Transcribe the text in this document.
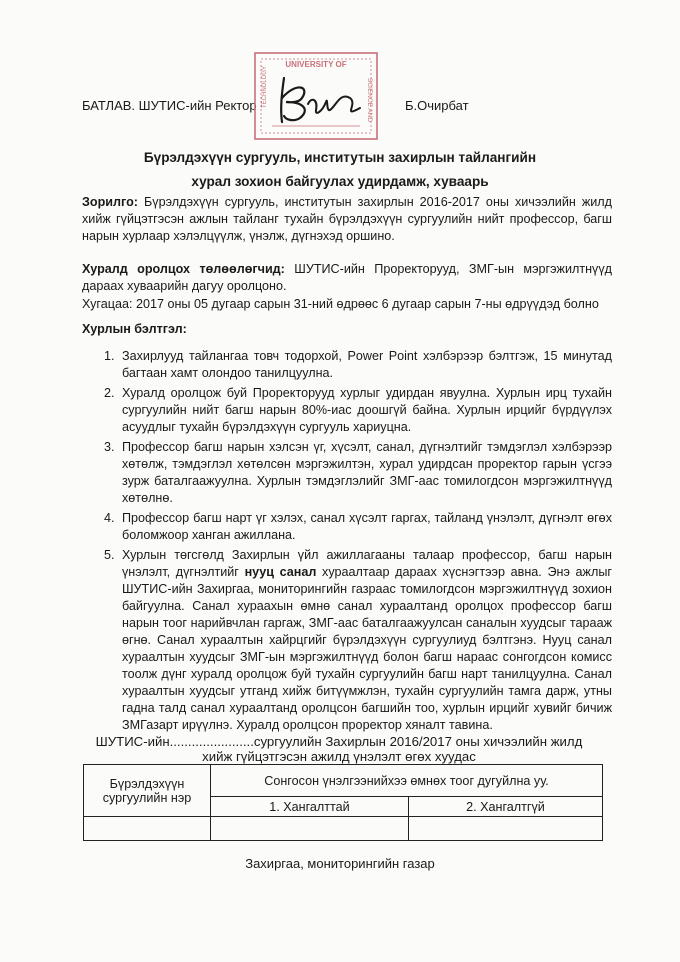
БАТЛАВ. ШУТИС-ийн Ректор
UNIVERSITY OF
SCIENCE AND
TECHNOLOGY	Б.Очирбат
Бүрэлдэхүүн сургууль, институтын захирлын тайлангийн
хурал зохион байгуулах удирдамж, хуваарь
Зорилго: Бүрэлдэхүүн сургууль, институтын захирлын 2016-2017 оны хичээлийн жилд хийж гүйцэтгэсэн ажлын тайланг тухайн бүрэлдэхүүн сургуулийн нийт профессор, багш нарын хурлаар хэлэлцүүлж, үнэлж, дүгнэхэд оршино.
Хуралд оролцох төлөөлөгчид: ШУТИС-ийн Проректорууд, ЗМГ-ын мэргэжилтнүүд дараах хуваарийн дагуу оролцоно.
Хугацаа: 2017 оны 05 дугаар сарын 31-ний өдрөөс 6 дугаар сарын 7-ны өдрүүдэд болно
Хурлын бэлтгэл:
1. Захирлууд тайлангаа товч тодорхой, Power Point хэлбэрээр бэлтгэж, 15 минутад багтаан хамт олондоо танилцуулна.
2. Хуралд оролцож буй Проректорууд хурлыг удирдан явуулна. Хурлын ирц тухайн сургуулийн нийт багш нарын 80%-иас доошгүй байна. Хурлын ирцийг бүрдүүлэх асуудлыг тухайн бүрэлдэхүүн сургууль хариуцна.
3. Профессор багш нарын хэлсэн үг, хүсэлт, санал, дүгнэлтийг тэмдэглэл хэлбэрээр хөтөлж, тэмдэглэл хөтөлсөн мэргэжилтэн, хурал удирдсан проректор гарын үсгээ зурж баталгаажуулна. Хурлын тэмдэглэлийг ЗМГ-аас томилогдсон мэргэжилтнүүд хөтөлнө.
4. Профессор багш нарт үг хэлэх, санал хүсэлт гаргах, тайланд үнэлэлт, дүгнэлт өгөх боломжоор ханган ажиллана.
5. Хурлын төгсгөлд Захирлын үйл ажиллагааны талаар профессор, багш нарын үнэлэлт, дүгнэлтийг нууц санал хураалтаар дараах хүснэгтээр авна. Энэ ажлыг ШУТИС-ийн Захиргаа, мониторингийн газраас томилогдсон мэргэжилтнүүд зохион байгуулна. Санал хураахын өмнө санал хураалтанд оролцох профессор багш нарын тоог нарийвчлан гаргаж, ЗМГ-аас баталгаажуулсан саналын хуудсыг тарааж өгнө. Санал хураалтын хайрцгийг бүрэлдэхүүн сургуулиуд бэлтгэнэ. Нууц санал хураалтын хуудсыг ЗМГ-ын мэргэжилтнүүд болон багш нараас сонгогдсон комисс тоолж дүнг хуралд оролцож буй тухайн сургуулийн багш нарт танилцуулна. Санал хураалтын хуудсыг утганд хийж битүүмжлэн, тухайн сургуулийн тамга дарж, утны гадна талд санал хураалтанд оролцсон багшийн тоо, хурлын ирцийг хувийг бичиж ЗМГазарт ирүүлнэ. Хуралд оролцсон проректор хяналт тавина.
ШУТИС-ийн.......................сургуулийн Захирлын 2016/2017 оны хичээлийн жилд
хийж гүйцэтгэсэн ажилд үнэлэлт өгөх хуудас
Бүрэлдэхүүн сургуулийн нэр	Сонгосон үнэлгээнийхээ өмнөх тоог дугуйлна уу.	
	1. Хангалттай	2. Хангалтгүй

Захиргаа, мониторингийн газар
